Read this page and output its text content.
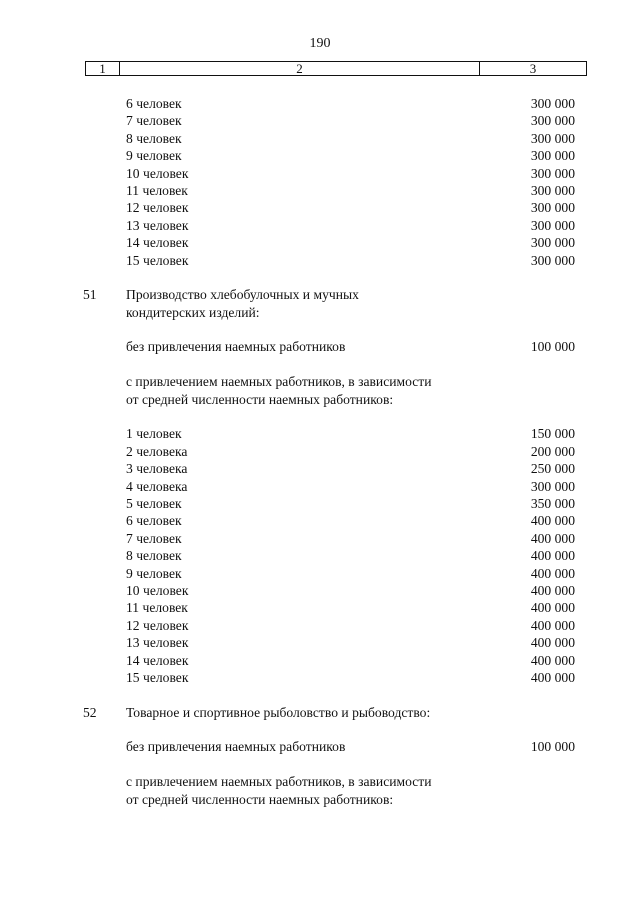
190
1	2	3
6 человек	300 000
7 человек	300 000
8 человек	300 000
9 человек	300 000
10 человек	300 000
11 человек	300 000
12 человек	300 000
13 человек	300 000
14 человек	300 000
15 человек	300 000
51	Производство хлебобулочных и мучных
кондитерских изделий:
без привлечения наемных работников	100 000
с привлечением наемных работников, в зависимости
от средней численности наемных работников:
1 человек	150 000
2 человека	200 000
3 человека	250 000
4 человека	300 000
5 человек	350 000
6 человек	400 000
7 человек	400 000
8 человек	400 000
9 человек	400 000
10 человек	400 000
11 человек	400 000
12 человек	400 000
13 человек	400 000
14 человек	400 000
15 человек	400 000
52	Товарное и спортивное рыболовство и рыбоводство:
без привлечения наемных работников	100 000
с привлечением наемных работников, в зависимости
от средней численности наемных работников:
